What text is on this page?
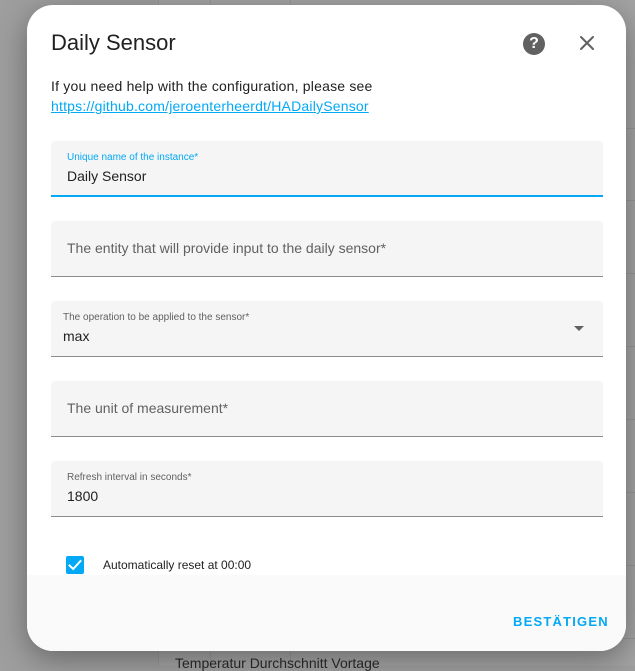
Temperatur Durchschnitt Vortage
Daily Sensor	?
If you need help with the configuration, please see
https://github.com/jeroenterheerdt/HADailySensor
Unique name of the instance*
Daily Sensor
The entity that will provide input to the daily sensor*
The operation to be applied to the sensor*
max
The unit of measurement*
Refresh interval in seconds*
1800
Automatically reset at 00:00
BESTÄTIGEN
